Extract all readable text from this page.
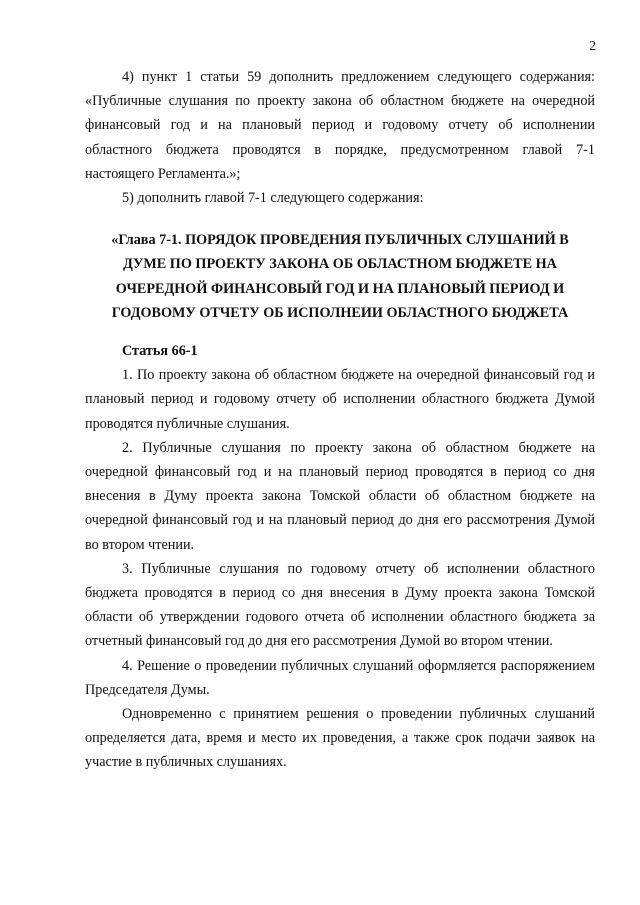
2

4) пункт 1 статьи 59 дополнить предложением следующего содержания: «Публичные слушания по проекту закона об областном бюджете на очередной финансовый год и на плановый период и годовому отчету об исполнении областного бюджета проводятся в порядке, предусмотренном главой 7-1 настоящего Регламента.»;

5) дополнить главой 7-1 следующего содержания:

«Глава 7-1. ПОРЯДОК ПРОВЕДЕНИЯ ПУБЛИЧНЫХ СЛУШАНИЙ В ДУМЕ ПО ПРОЕКТУ ЗАКОНА ОБ ОБЛАСТНОМ БЮДЖЕТЕ НА ОЧЕРЕДНОЙ ФИНАНСОВЫЙ ГОД И НА ПЛАНОВЫЙ ПЕРИОД И ГОДОВОМУ ОТЧЕТУ ОБ ИСПОЛНЕИИ ОБЛАСТНОГО БЮДЖЕТА

Статья 66-1

1. По проекту закона об областном бюджете на очередной финансовый год и плановый период и годовому отчету об исполнении областного бюджета Думой проводятся публичные слушания.

2. Публичные слушания по проекту закона об областном бюджете на очередной финансовый год и на плановый период проводятся в период со дня внесения в Думу проекта закона Томской области об областном бюджете на очередной финансовый год и на плановый период до дня его рассмотрения Думой во втором чтении.

3. Публичные слушания по годовому отчету об исполнении областного бюджета проводятся в период со дня внесения в Думу проекта закона Томской области об утверждении годового отчета об исполнении областного бюджета за отчетный финансовый год до дня его рассмотрения Думой во втором чтении.

4. Решение о проведении публичных слушаний оформляется распоряжением Председателя Думы.

Одновременно с принятием решения о проведении публичных слушаний определяется дата, время и место их проведения, а также срок подачи заявок на участие в публичных слушаниях.
